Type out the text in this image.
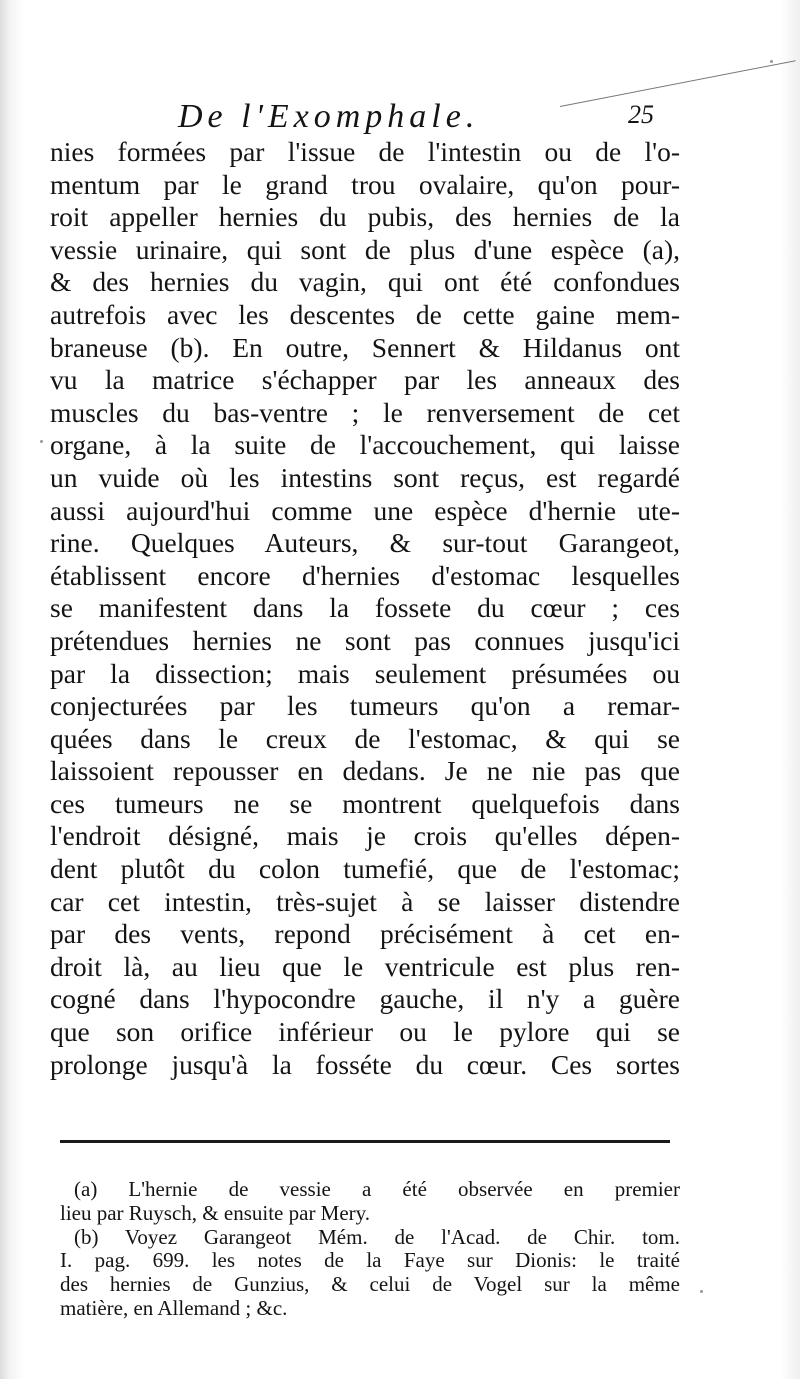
De l'Exomphale.	25
nies formées par l'issue de l'intestin ou de l'o-
mentum par le grand trou ovalaire, qu'on pour-
roit appeller hernies du pubis, des hernies de la
vessie urinaire, qui sont de plus d'une espèce (a),
& des hernies du vagin, qui ont été confondues
autrefois avec les descentes de cette gaine mem-
braneuse (b). En outre, Sennert & Hildanus ont
vu la matrice s'échapper par les anneaux des
muscles du bas-ventre ; le renversement de cet
organe, à la suite de l'accouchement, qui laisse
un vuide où les intestins sont reçus, est regardé
aussi aujourd'hui comme une espèce d'hernie ute-
rine. Quelques Auteurs, & sur-tout Garangeot,
établissent encore d'hernies d'estomac lesquelles
se manifestent dans la fossete du cœur ; ces
prétendues hernies ne sont pas connues jusqu'ici
par la dissection; mais seulement présumées ou
conjecturées par les tumeurs qu'on a remar-
quées dans le creux de l'estomac, & qui se
laissoient repousser en dedans. Je ne nie pas que
ces tumeurs ne se montrent quelquefois dans
l'endroit désigné, mais je crois qu'elles dépen-
dent plutôt du colon tumefié, que de l'estomac;
car cet intestin, très-sujet à se laisser distendre
par des vents, repond précisément à cet en-
droit là, au lieu que le ventricule est plus ren-
cogné dans l'hypocondre gauche, il n'y a guère
que son orifice inférieur ou le pylore qui se
prolonge jusqu'à la fosséte du cœur. Ces sortes
(a) L'hernie de vessie a été observée en premier
lieu par Ruysch, & ensuite par Mery.
(b) Voyez Garangeot Mém. de l'Acad. de Chir. tom.
I. pag. 699. les notes de la Faye sur Dionis: le traité
des hernies de Gunzius, & celui de Vogel sur la même
matière, en Allemand ; &c.
